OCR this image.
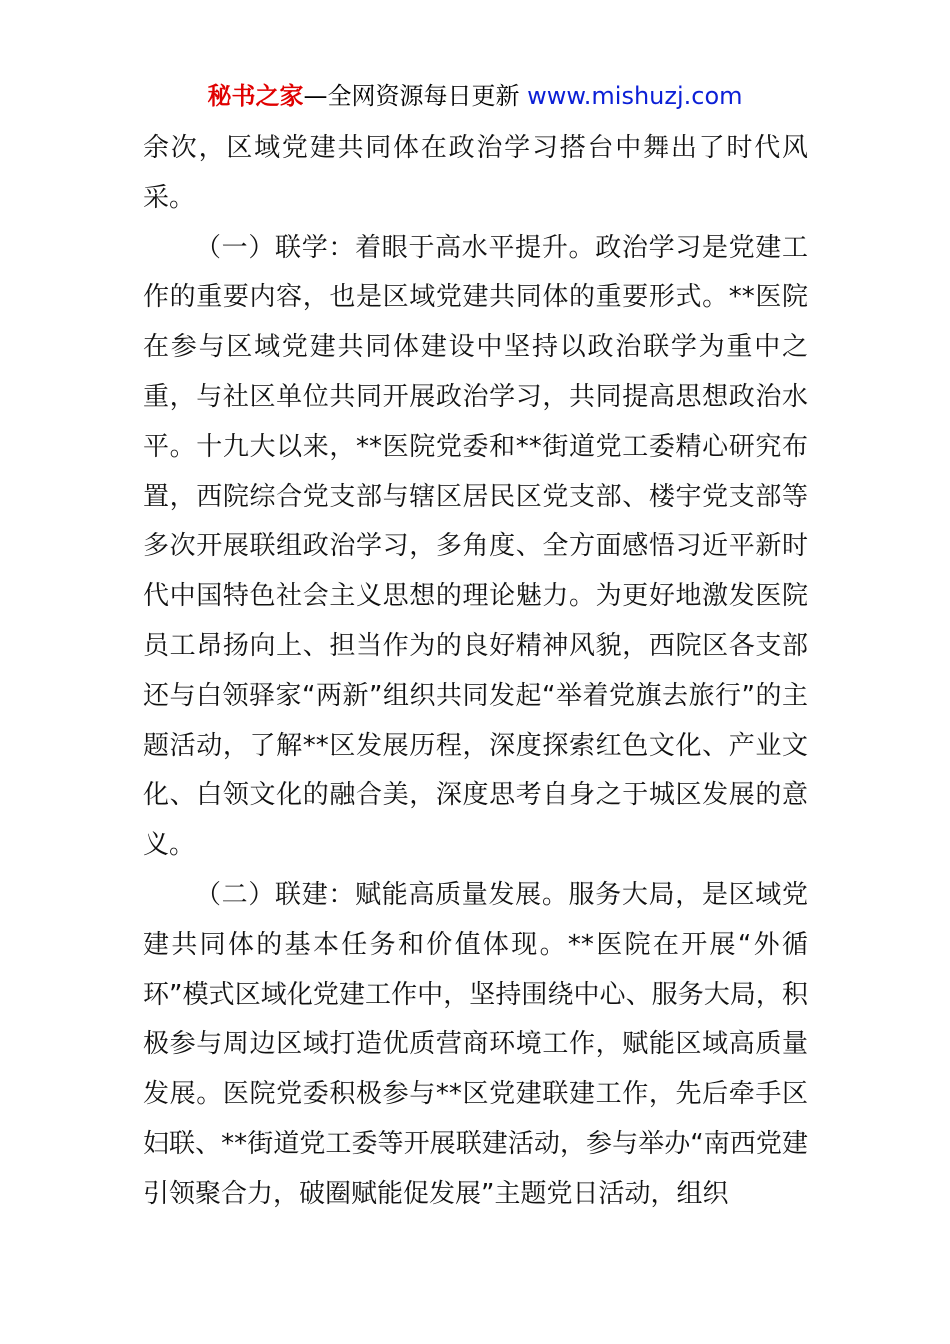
秘书之家—全网资源每日更新 www.mishuzj.com

余次，区域党建共同体在政治学习搭台中舞出了时代风采。

（一）联学：着眼于高水平提升。政治学习是党建工作的重要内容，也是区域党建共同体的重要形式。**医院在参与区域党建共同体建设中坚持以政治联学为重中之重，与社区单位共同开展政治学习，共同提高思想政治水平。十九大以来，**医院党委和**街道党工委精心研究布置，西院综合党支部与辖区居民区党支部、楼宇党支部等多次开展联组政治学习，多角度、全方面感悟习近平新时代中国特色社会主义思想的理论魅力。为更好地激发医院员工昂扬向上、担当作为的良好精神风貌，西院区各支部还与白领驿家“两新”组织共同发起“举着党旗去旅行”的主题活动，了解**区发展历程，深度探索红色文化、产业文化、白领文化的融合美，深度思考自身之于城区发展的意义。

（二）联建：赋能高质量发展。服务大局，是区域党建共同体的基本任务和价值体现。**医院在开展“外循环”模式区域化党建工作中，坚持围绕中心、服务大局，积极参与周边区域打造优质营商环境工作，赋能区域高质量发展。医院党委积极参与**区党建联建工作，先后牵手区妇联、**街道党工委等开展联建活动，参与举办“南西党建引领聚合力，破圈赋能促发展”主题党日活动，组织
